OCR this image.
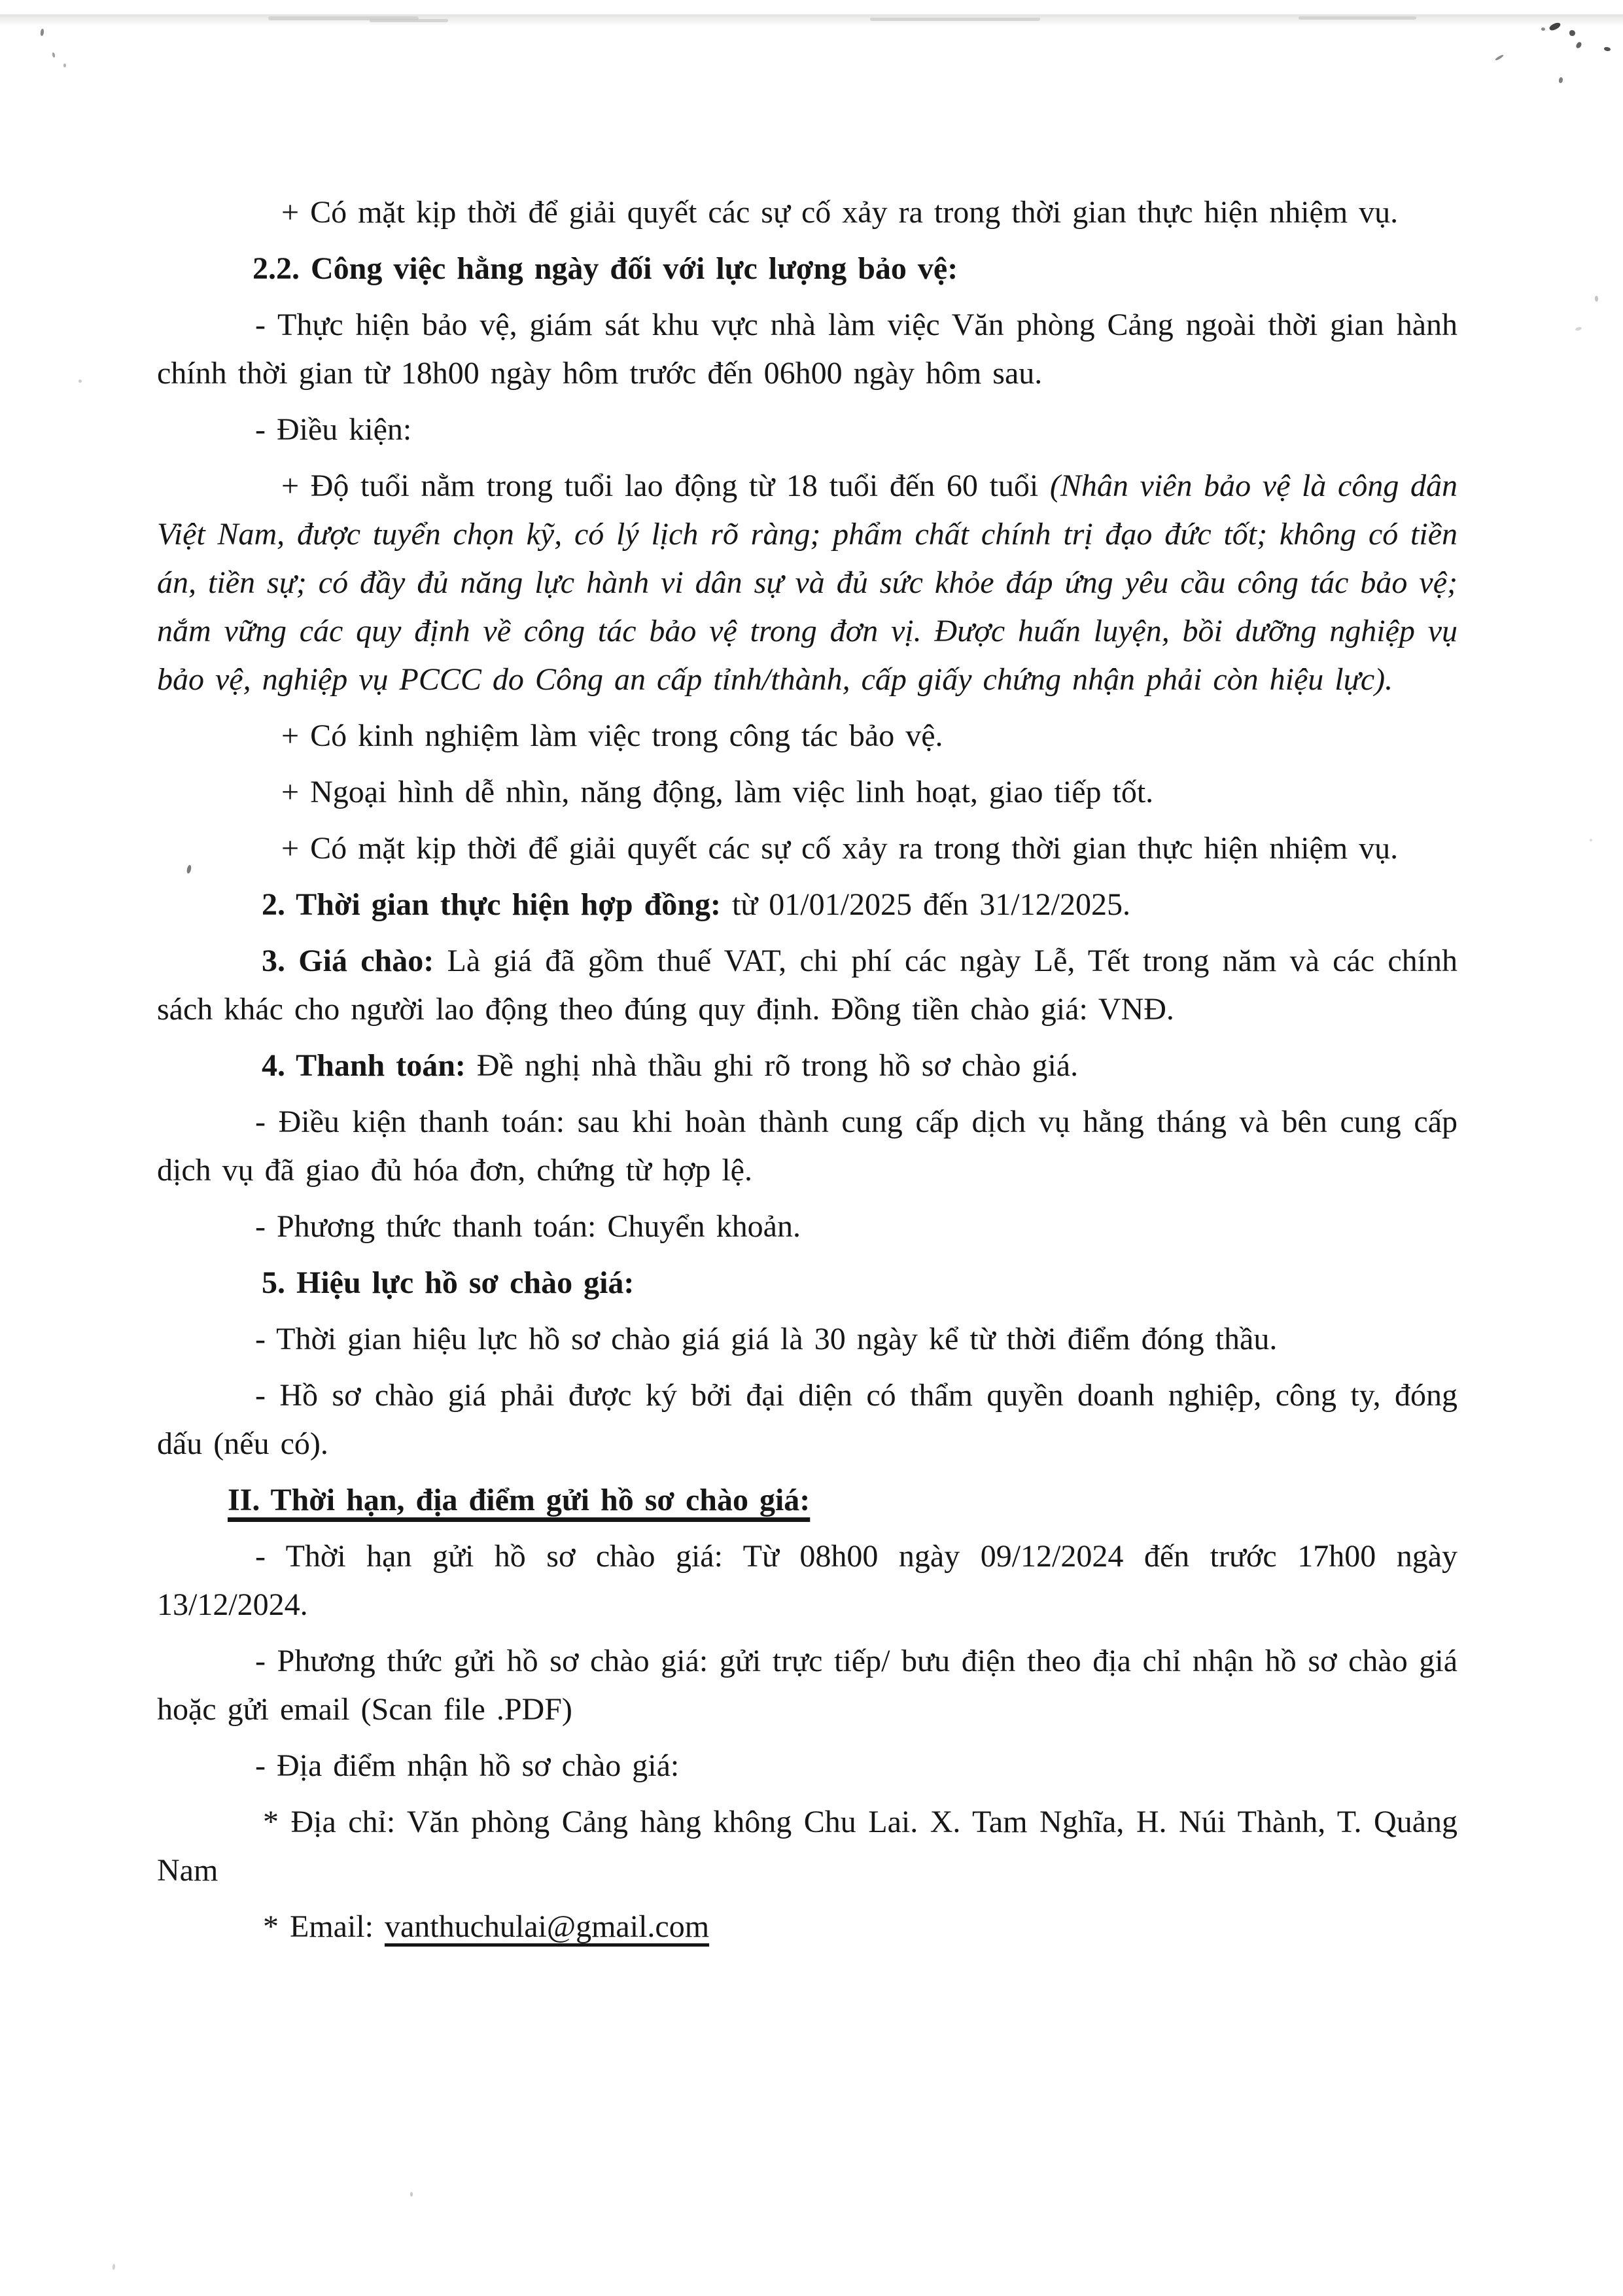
+ Có mặt kịp thời để giải quyết các sự cố xảy ra trong thời gian thực hiện nhiệm vụ.

2.2. Công việc hằng ngày đối với lực lượng bảo vệ:

- Thực hiện bảo vệ, giám sát khu vực nhà làm việc Văn phòng Cảng ngoài thời gian hành chính thời gian từ 18h00 ngày hôm trước đến 06h00 ngày hôm sau.

- Điều kiện:

+ Độ tuổi nằm trong tuổi lao động từ 18 tuổi đến 60 tuổi (Nhân viên bảo vệ là công dân Việt Nam, được tuyển chọn kỹ, có lý lịch rõ ràng; phẩm chất chính trị đạo đức tốt; không có tiền án, tiền sự; có đầy đủ năng lực hành vi dân sự và đủ sức khỏe đáp ứng yêu cầu công tác bảo vệ; nắm vững các quy định về công tác bảo vệ trong đơn vị. Được huấn luyện, bồi dưỡng nghiệp vụ bảo vệ, nghiệp vụ PCCC do Công an cấp tỉnh/thành, cấp giấy chứng nhận phải còn hiệu lực).

+ Có kinh nghiệm làm việc trong công tác bảo vệ.

+ Ngoại hình dễ nhìn, năng động, làm việc linh hoạt, giao tiếp tốt.

+ Có mặt kịp thời để giải quyết các sự cố xảy ra trong thời gian thực hiện nhiệm vụ.

2. Thời gian thực hiện hợp đồng: từ 01/01/2025 đến 31/12/2025.

3. Giá chào: Là giá đã gồm thuế VAT, chi phí các ngày Lễ, Tết trong năm và các chính sách khác cho người lao động theo đúng quy định. Đồng tiền chào giá: VNĐ.

4. Thanh toán: Đề nghị nhà thầu ghi rõ trong hồ sơ chào giá.

- Điều kiện thanh toán: sau khi hoàn thành cung cấp dịch vụ hằng tháng và bên cung cấp dịch vụ đã giao đủ hóa đơn, chứng từ hợp lệ.

- Phương thức thanh toán: Chuyển khoản.

5. Hiệu lực hồ sơ chào giá:

- Thời gian hiệu lực hồ sơ chào giá giá là 30 ngày kể từ thời điểm đóng thầu.

- Hồ sơ chào giá phải được ký bởi đại diện có thẩm quyền doanh nghiệp, công ty, đóng dấu (nếu có).

II. Thời hạn, địa điểm gửi hồ sơ chào giá:

- Thời hạn gửi hồ sơ chào giá: Từ 08h00 ngày 09/12/2024 đến trước 17h00 ngày 13/12/2024.

- Phương thức gửi hồ sơ chào giá: gửi trực tiếp/ bưu điện theo địa chỉ nhận hồ sơ chào giá hoặc gửi email (Scan file .PDF)

- Địa điểm nhận hồ sơ chào giá:

* Địa chỉ: Văn phòng Cảng hàng không Chu Lai. X. Tam Nghĩa, H. Núi Thành, T. Quảng Nam

* Email: vanthuchulai@gmail.com
